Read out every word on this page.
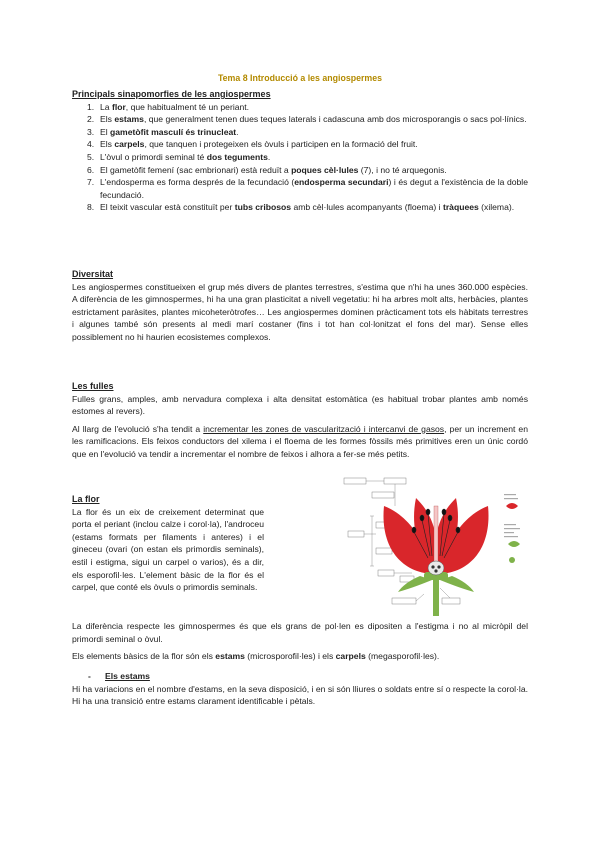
Tema 8 Introducció a les angiospermes
Principals sinapomorfies de les angiospermes
1. La flor, que habitualment té un periant.
2. Els estams, que generalment tenen dues teques laterals i cadascuna amb dos microsporangis o sacs pol·línics.
3. El gametòfit masculí és trinucleat.
4. Els carpels, que tanquen i protegeixen els òvuls i participen en la formació del fruit.
5. L'òvul o primordi seminal té dos teguments.
6. El gametòfit femení (sac embrionari) està reduït a poques cèl·lules (7), i no té arquegonis.
7. L'endosperma es forma després de la fecundació (endosperma secundari) i és degut a l'existència de la doble fecundació.
8. El teixit vascular està constituït per tubs cribosos amb cèl·lules acompanyants (floema) i tràquees (xilema).
Diversitat

Les angiospermes constitueixen el grup més divers de plantes terrestres, s'estima que n'hi ha unes 360.000 espècies. A diferència de les gimnospermes, hi ha una gran plasticitat a nivell vegetatiu: hi ha arbres molt alts, herbàcies, plantes estrictament paràsites, plantes micoheteròtrofes… Les angiospermes dominen pràcticament tots els hàbitats terrestres i algunes també són presents al medi marí costaner (fins i tot han col·lonitzat el fons del mar). Sense elles possiblement no hi haurien ecosistemes complexos.

Les fulles

Fulles grans, amples, amb nervadura complexa i alta densitat estomàtica (es habitual trobar plantes amb només estomes al revers).

Al llarg de l'evolució s'ha tendit a incrementar les zones de vascularització i intercanvi de gasos, per un increment en les ramificacions. Els feixos conductors del xilema i el floema de les formes fòssils més primitives eren un únic cordó que en l'evolució va tendir a incrementar el nombre de feixos i alhora a fer-se més petits.

La flor

La flor és un eix de creixement determinat que porta el periant (inclou calze i corol·la), l'androceu (estams formats per filaments i anteres) i el gineceu (ovari (on estan els primordis seminals), estil i estigma, sigui un carpel o varios), és a dir, els esporofil·les. L'element bàsic de la flor és el carpel, que conté els òvuls o primordis seminals.

La diferència respecte les gimnospermes és que els grans de pol·len es dipositen a l'estigma i no al micròpil del primordi seminal o òvul.

Els elements bàsics de la flor són els estams (microsporofil·les) i els carpels (megasporofil·les).

- Els estams

Hi ha variacions en el nombre d'estams, en la seva disposició, i en si són lliures o soldats entre sí o respecte la corol·la. Hi ha una transició entre estams clarament identificable i pètals.
